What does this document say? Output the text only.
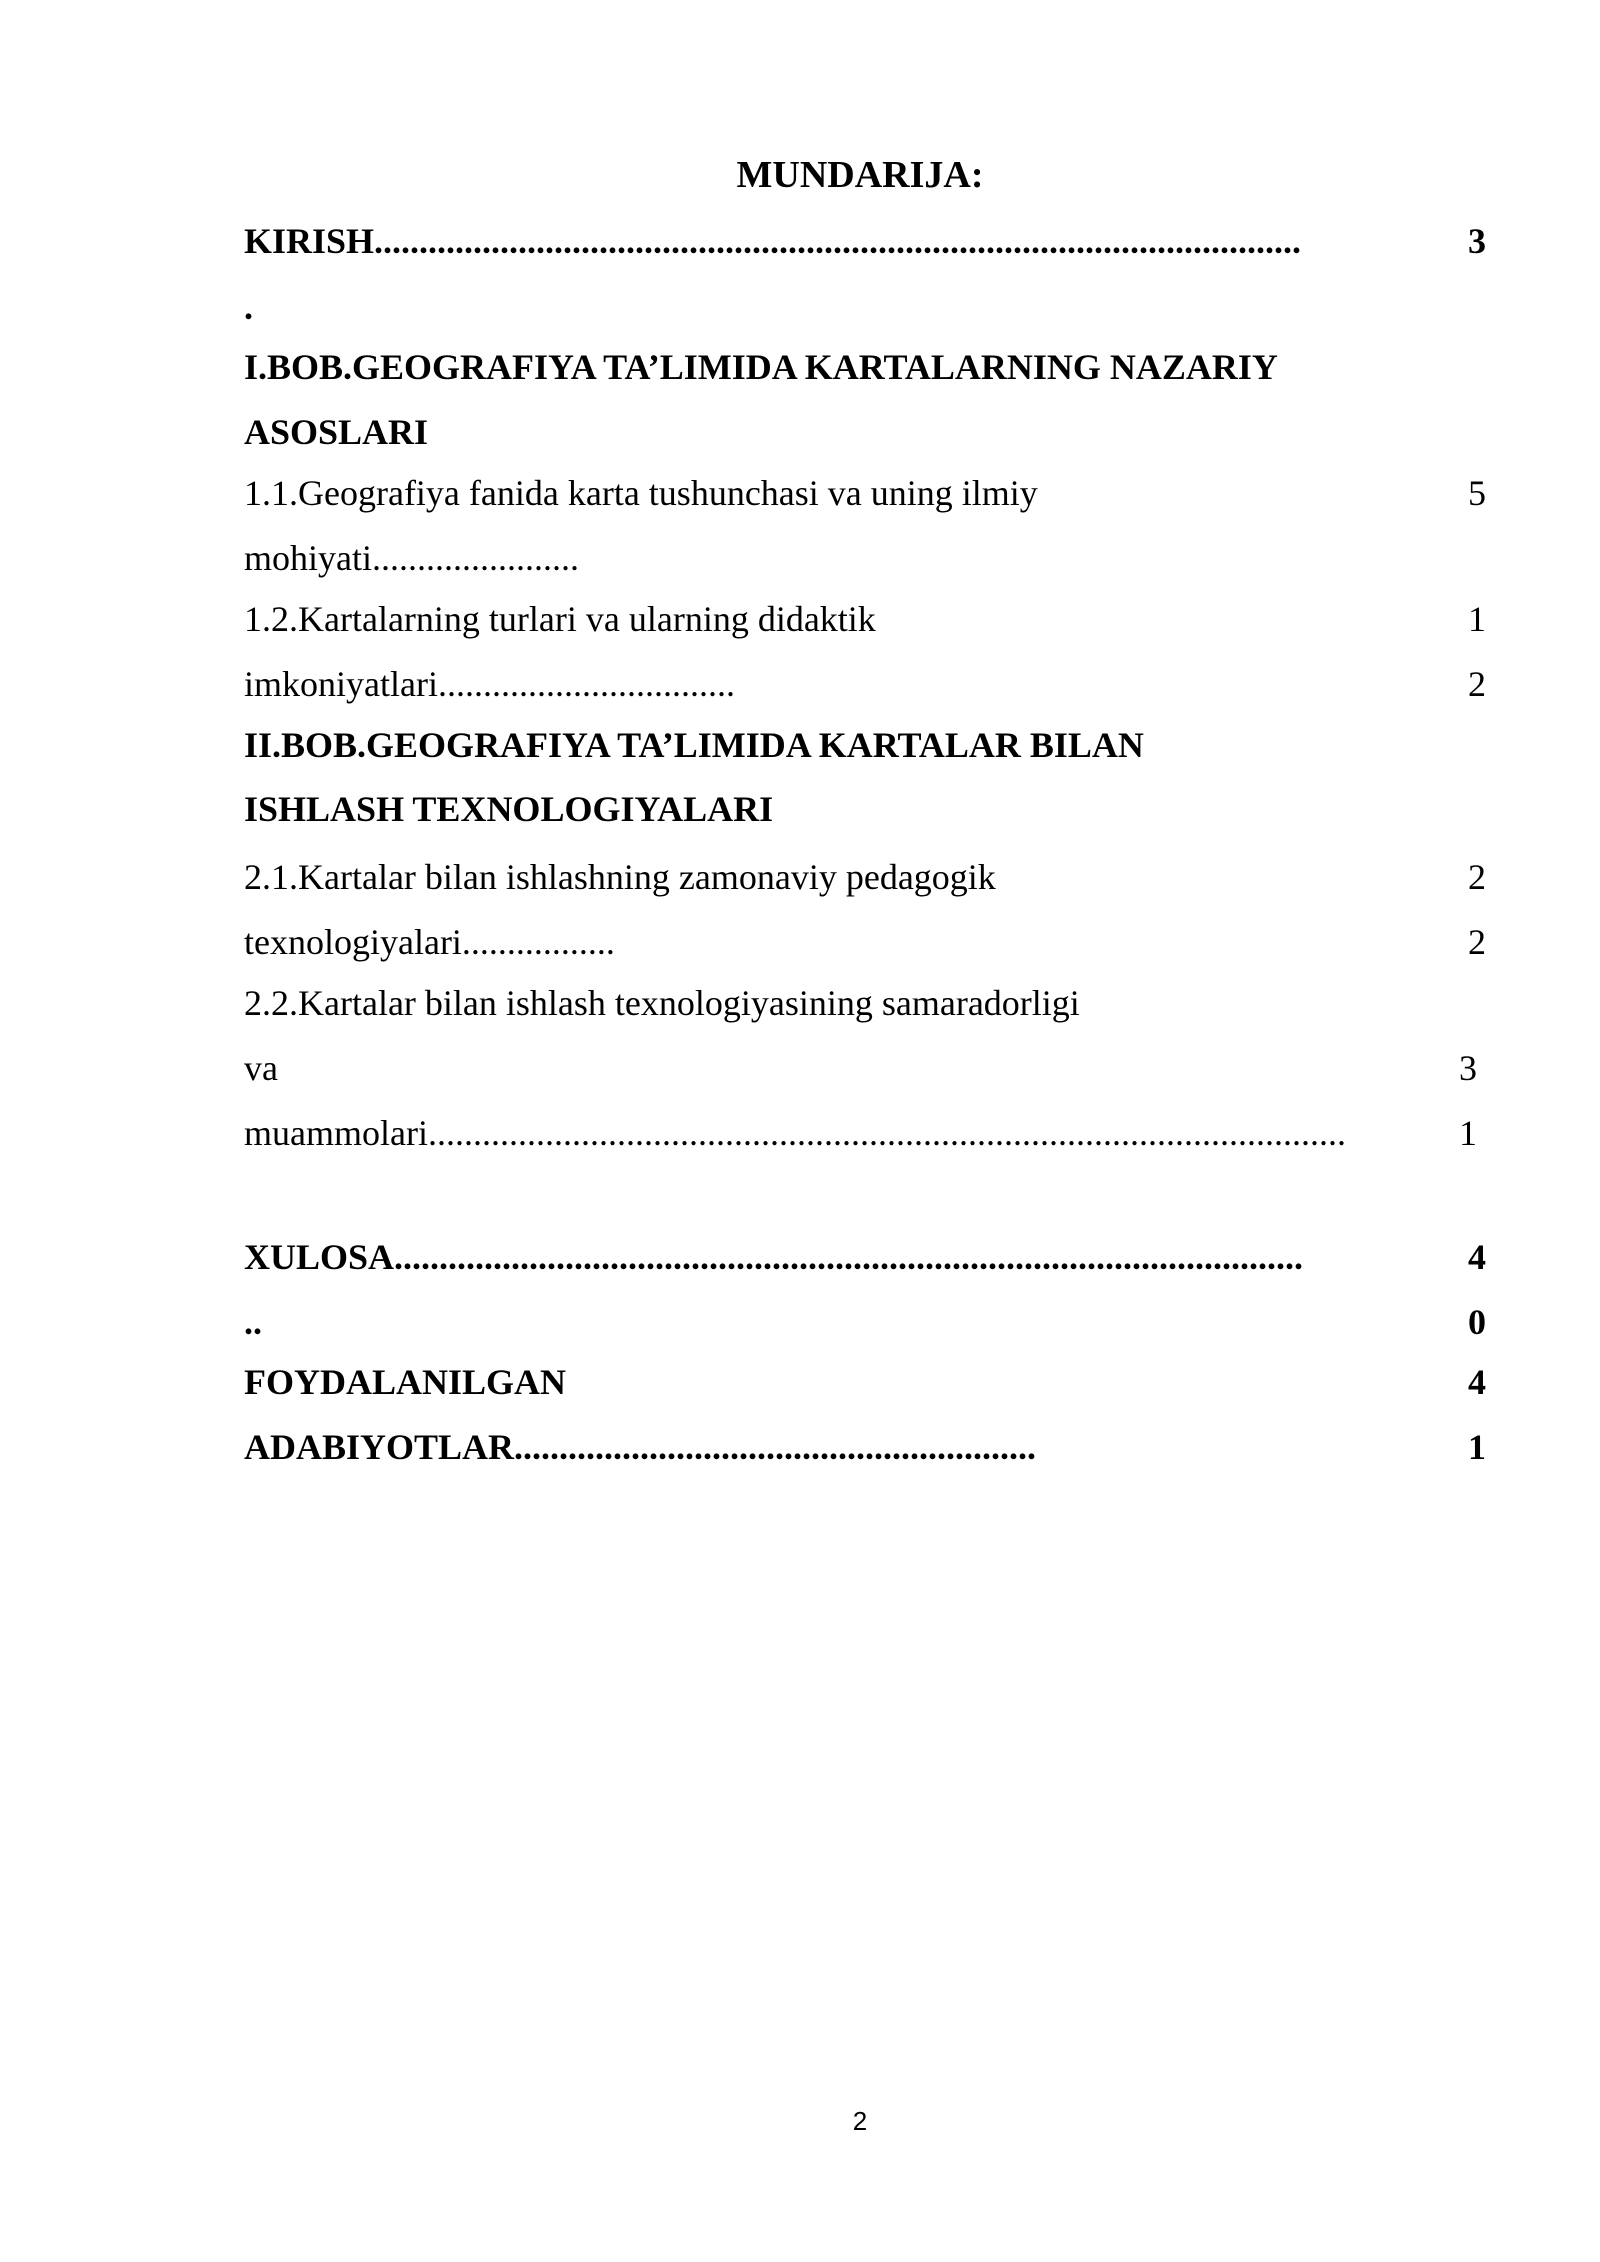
MUNDARIJA:
KIRISH.......................................................................................................	3
.
I.BOB.GEOGRAFIYA TA’LIMIDA KARTALARNING NAZARIY
ASOSLARI
1.1.Geografiya fanida karta tushunchasi va uning ilmiy	5
mohiyati.......................
1.2.Kartalarning turlari va ularning didaktik	1
imkoniyatlari.................................	2
II.BOB.GEOGRAFIYA TA’LIMIDA KARTALAR BILAN
ISHLASH TEXNOLOGIYALARI
2.1.Kartalar bilan ishlashning zamonaviy pedagogik	2
texnologiyalari.................	2
2.2.Kartalar bilan ishlash texnologiyasining samaradorligi
va	3
muammolari......................................................................................................	1
XULOSA.....................................................................................................	4
..	0
FOYDALANILGAN	4
ADABIYOTLAR..........................................................	1
2
